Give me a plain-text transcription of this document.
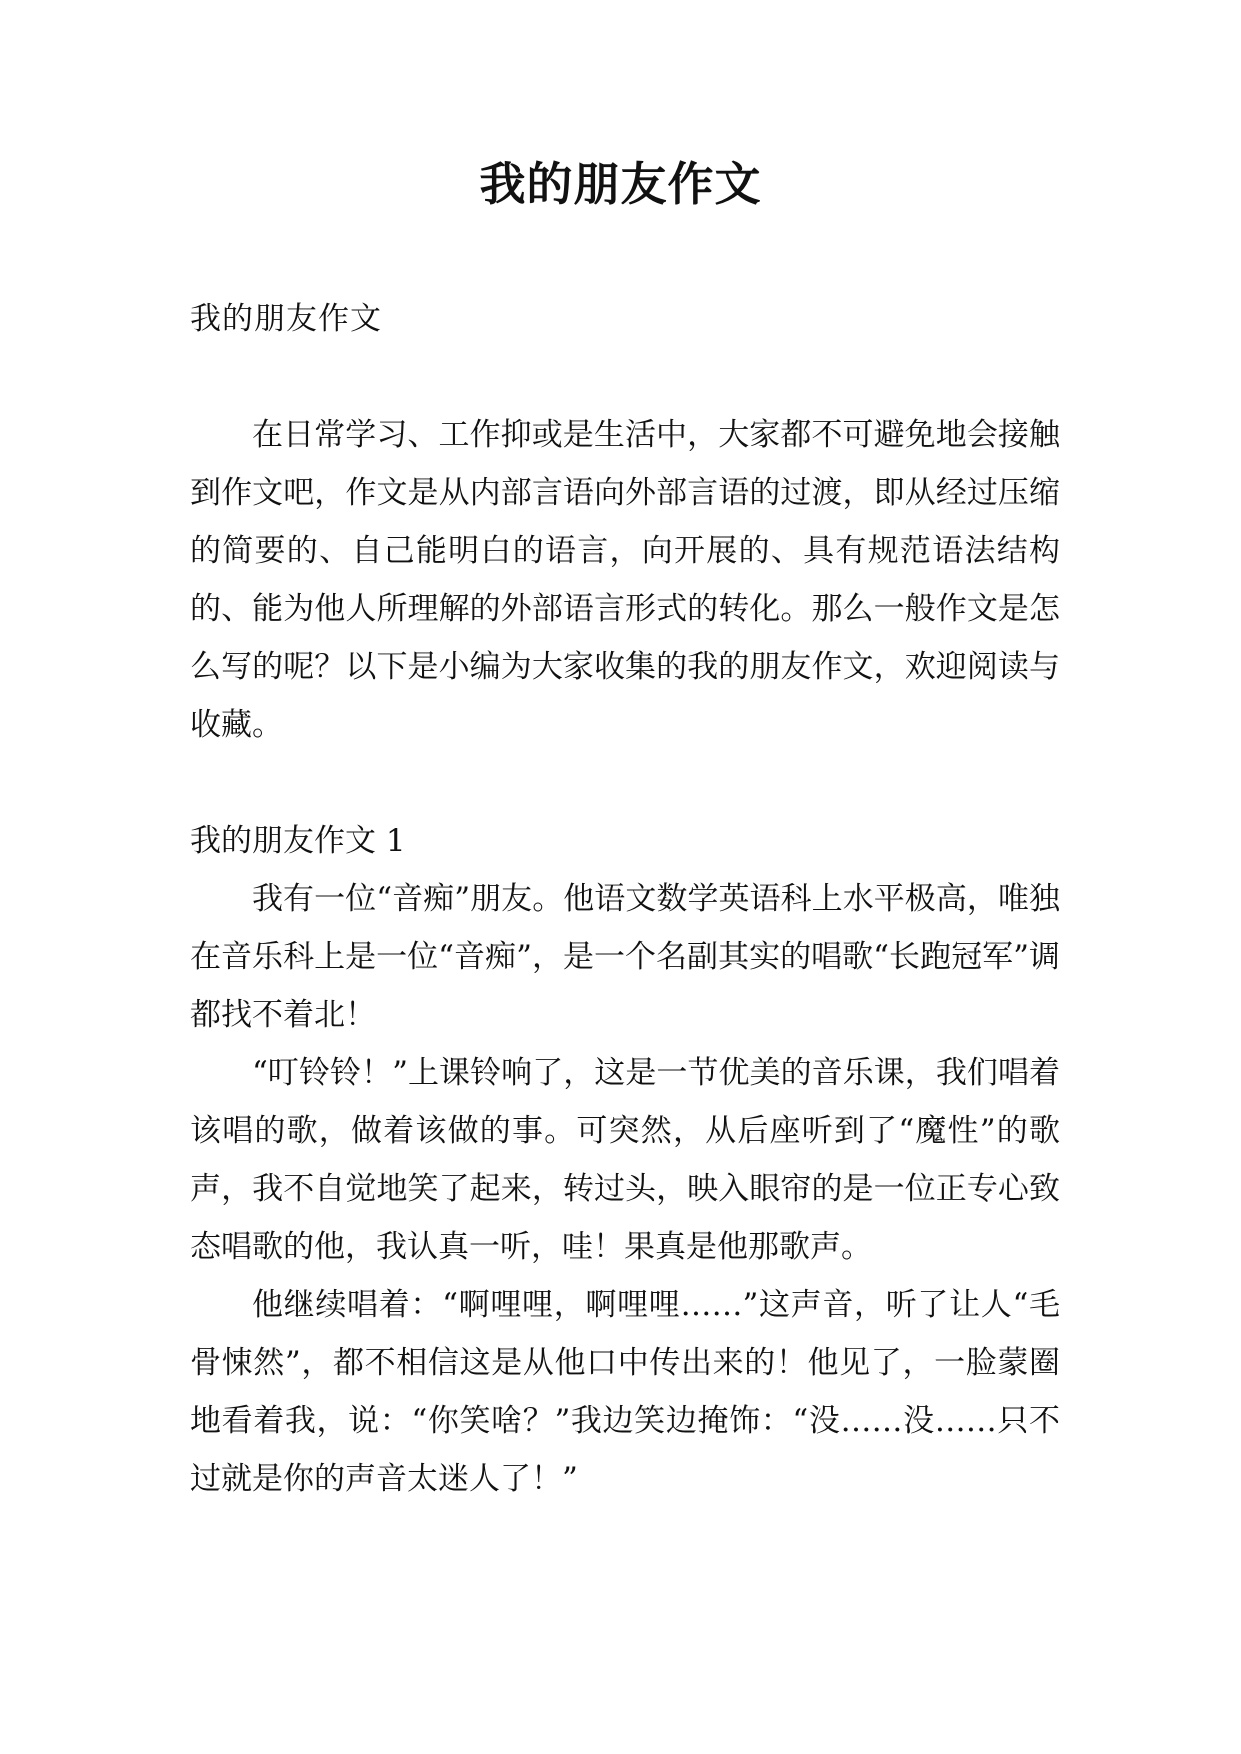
我的朋友作文

我的朋友作文

在日常学习、工作抑或是生活中，大家都不可避免地会接触到作文吧，作文是从内部言语向外部言语的过渡，即从经过压缩的简要的、自己能明白的语言，向开展的、具有规范语法结构的、能为他人所理解的外部语言形式的转化。那么一般作文是怎么写的呢？以下是小编为大家收集的我的朋友作文，欢迎阅读与收藏。

我的朋友作文 1

我有一位“音痴”朋友。他语文数学英语科上水平极高，唯独在音乐科上是一位“音痴”，是一个名副其实的唱歌“长跑冠军”调都找不着北！

“叮铃铃！”上课铃响了，这是一节优美的音乐课，我们唱着该唱的歌，做着该做的事。可突然，从后座听到了“魔性”的歌声，我不自觉地笑了起来，转过头，映入眼帘的是一位正专心致态唱歌的他，我认真一听，哇！果真是他那歌声。

他继续唱着：“啊哩哩，啊哩哩……”这声音，听了让人“毛骨悚然”，都不相信这是从他口中传出来的！他见了，一脸蒙圈地看着我，说：“你笑啥？”我边笑边掩饰：“没……没……只不过就是你的声音太迷人了！”
